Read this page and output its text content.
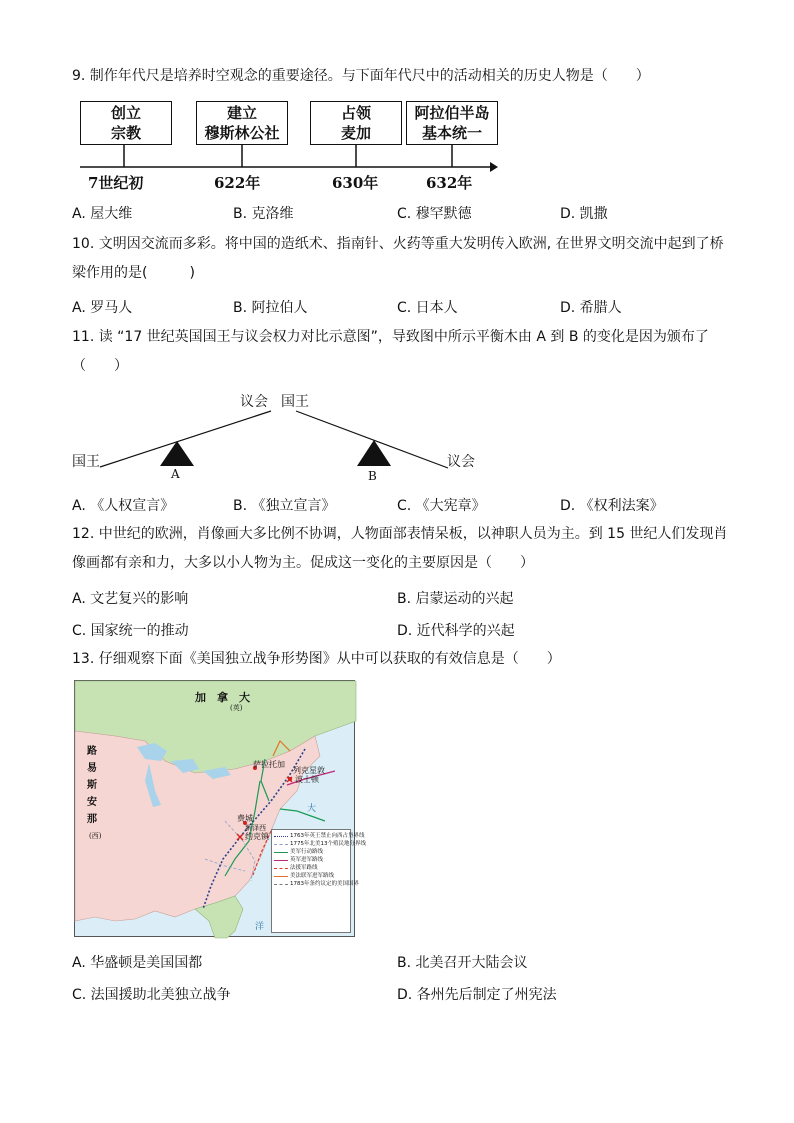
9. 制作年代尺是培养时空观念的重要途径。与下面年代尺中的活动相关的历史人物是（　　）
创立
宗教
建立
穆斯林公社
占领
麦加
阿拉伯半岛
基本统一
7世纪初	622年	630年	632年
A. 屋大维	B. 克洛维	C. 穆罕默德	D. 凯撒
10. 文明因交流而多彩。将中国的造纸术、指南针、火药等重大发明传入欧洲, 在世界文明交流中起到了桥
梁作用的是(　　　)
A. 罗马人	B. 阿拉伯人	C. 日本人	D. 希腊人
11. 读 “17 世纪英国国王与议会权力对比示意图”，导致图中所示平衡木由 A 到 B 的变化是因为颁布了
（　　）
议会 国王
国王	议会
A	B
A. 《人权宣言》	B. 《独立宣言》	C. 《大宪章》	D. 《权利法案》
12. 中世纪的欧洲，肖像画大多比例不协调，人物面部表情呆板，以神职人员为主。到 15 世纪人们发现肖
像画都有亲和力，大多以小人物为主。促成这一变化的主要原因是（　　）
A. 文艺复兴的影响	B. 启蒙运动的兴起
C. 国家统一的推动	D. 近代科学的兴起
13. 仔细观察下面《美国独立战争形势图》从中可以获取的有效信息是（　　）
加　拿　大
(英)
路
易
斯
安
那
(西)
萨拉托加
列克星敦
波士顿
费城
新泽西
约克镇
大
洋
1763年英王禁止向西占垦界线
1775年北美13个殖民地分界线
美军行动路线
英军进军路线
法援军路线
美法联军进军路线
1783年条约议定的美国国界
A. 华盛顿是美国国都	B. 北美召开大陆会议
C. 法国援助北美独立战争	D. 各州先后制定了州宪法
